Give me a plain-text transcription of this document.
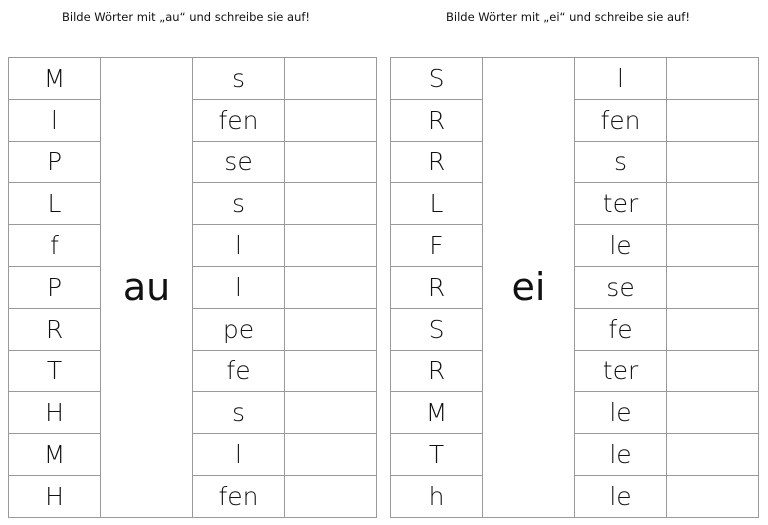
Bilde Wörter mit „au“ und schreibe sie auf!	Bilde Wörter mit „ei“ und schreibe sie auf!
M	au	s	
l		fen	
P		se	
L		s	
f		l	
P		l	
R		pe	
T		fe	
H		s	
M		l	
H		fen	
S	ei	l	
R		fen	
R		s	
L		ter	
F		le	
R		se	
S		fe	
R		ter	
M		le	
T		le	
h		le	
